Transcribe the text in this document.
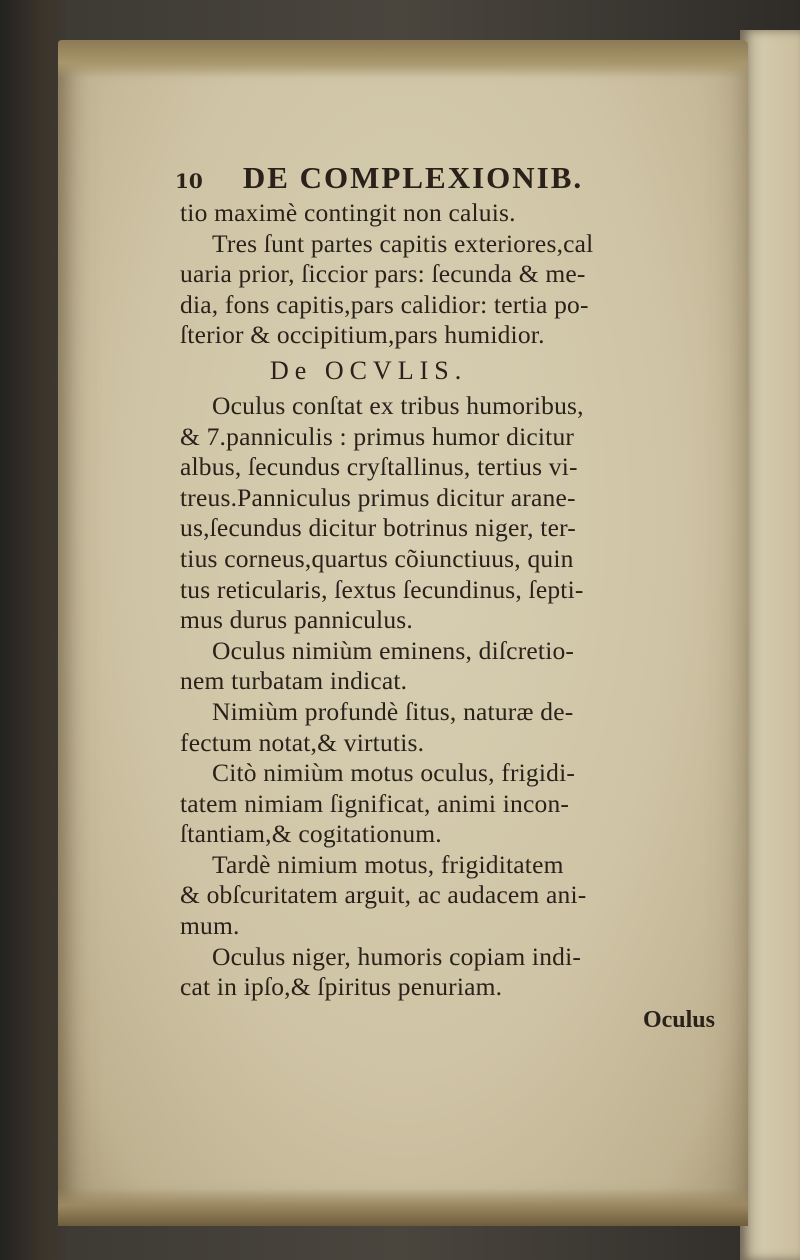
10 DE COMPLEXIONIB.
tio maximè contingit non caluis.
Tres ſunt partes capitis exteriores,cal
uaria prior, ſiccior pars: ſecunda & me-
dia, fons capitis,pars calidior: tertia po-
ſterior & occipitium,pars humidior.
De OCVLIS.
Oculus conſtat ex tribus humoribus,
& 7.panniculis : primus humor dicitur
albus, ſecundus cryſtallinus, tertius vi-
treus.Panniculus primus dicitur arane-
us,ſecundus dicitur botrinus niger, ter-
tius corneus,quartus cõiunctiuus, quin
tus reticularis, ſextus ſecundinus, ſepti-
mus durus panniculus.
Oculus nimiùm eminens, diſcretio-
nem turbatam indicat.
Nimiùm profundè ſitus, naturæ de-
fectum notat,& virtutis.
Citò nimiùm motus oculus, frigidi-
tatem nimiam ſignificat, animi incon-
ſtantiam,& cogitationum.
Tardè nimium motus, frigiditatem
& obſcuritatem arguit, ac audacem ani-
mum.
Oculus niger, humoris copiam indi-
cat in ipſo,& ſpiritus penuriam.
Oculus
